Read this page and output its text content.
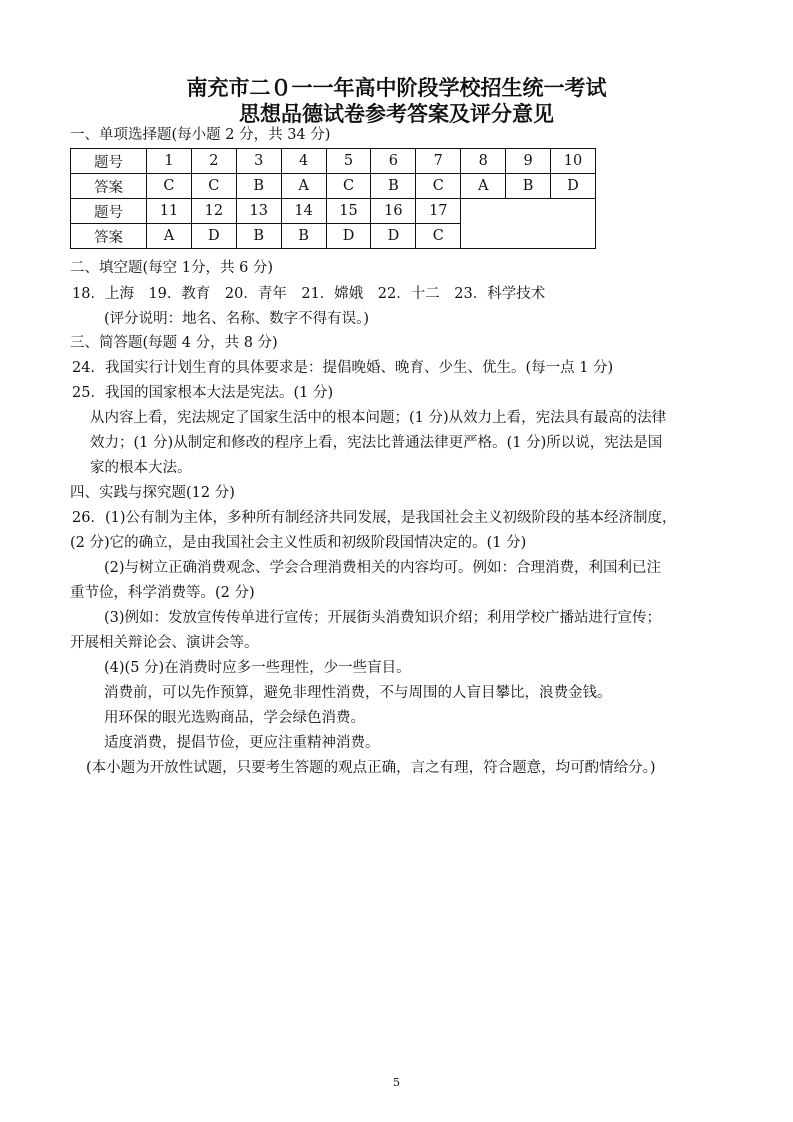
南充市二０一一年高中阶段学校招生统一考试
思想品德试卷参考答案及评分意见
一、单项选择题(每小题 2 分，共 34 分)
题号	1	2	3	4	5	6	7	8	9	10
答案	C	C	B	A	C	B	C	A	B	D
题号	11	12	13	14	15	16	17			
答案	A	D	B	B	D	D	C			
二、填空题(每空 1分，共 6 分)
18．上海　19．教育　20．青年　21．嫦娥　22．十二　23．科学技术
(评分说明：地名、名称、数字不得有误。)
三、简答题(每题 4 分，共 8 分)
24．我国实行计划生育的具体要求是：提倡晚婚、晚育、少生、优生。(每一点 1 分)
25．我国的国家根本大法是宪法。(1 分)
从内容上看，宪法规定了国家生活中的根本问题；(1 分)从效力上看，宪法具有最高的法律
效力；(1 分)从制定和修改的程序上看，宪法比普通法律更严格。(1 分)所以说，宪法是国
家的根本大法。
四、实践与探究题(12 分)
26．(1)公有制为主体，多种所有制经济共同发展，是我国社会主义初级阶段的基本经济制度，
(2 分)它的确立，是由我国社会主义性质和初级阶段国情决定的。(1 分)
(2)与树立正确消费观念、学会合理消费相关的内容均可。例如：合理消费，利国利已注
重节俭，科学消费等。(2 分)
(3)例如：发放宣传传单进行宣传；开展街头消费知识介绍；利用学校广播站进行宣传；
开展相关辩论会、演讲会等。
(4)(5 分)在消费时应多一些理性，少一些盲目。
消费前，可以先作预算，避免非理性消费，不与周围的人盲目攀比，浪费金钱。
用环保的眼光选购商品，学会绿色消费。
适度消费，提倡节俭，更应注重精神消费。
(本小题为开放性试题，只要考生答题的观点正确，言之有理，符合题意，均可酌情给分。)
5
